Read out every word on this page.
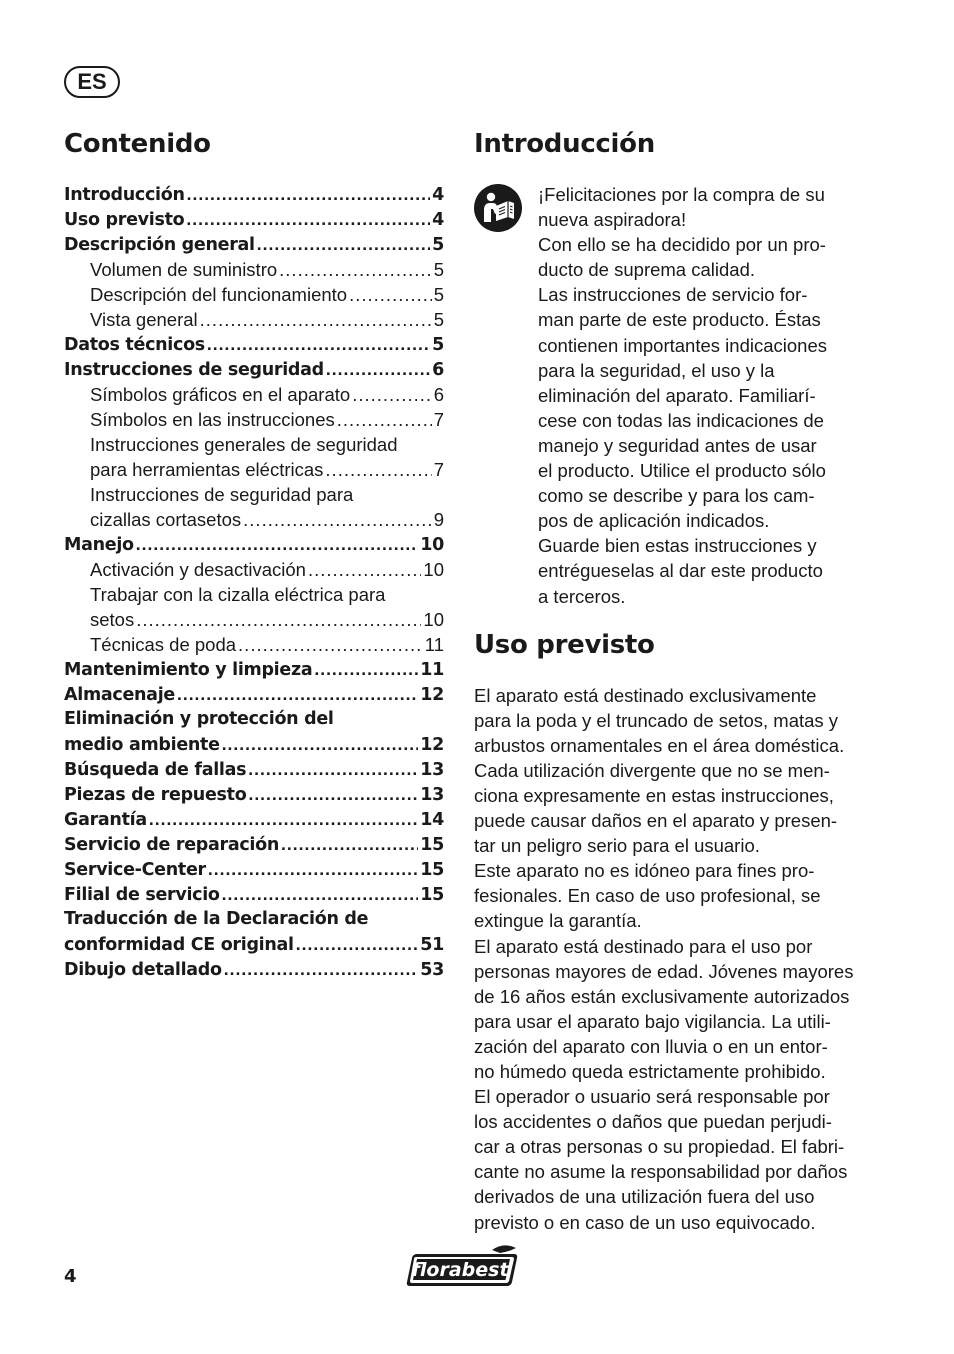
ES
Contenido
Introducción .....	4
Uso previsto .....	4
Descripción general .....	5
Volumen de suministro .....	5
Descripción del funcionamiento .....	5
Vista general .....	5
Datos técnicos .....	5
Instrucciones de seguridad .....	6
Símbolos gráficos en el aparato .....	6
Símbolos en las instrucciones .....	7
Instrucciones generales de seguridad
para herramientas eléctricas .....	7
Instrucciones de seguridad para
cizallas cortasetos .....	9
Manejo .....	10
Activación y desactivación .....	10
Trabajar con la cizalla eléctrica para
setos .....	10
Técnicas de poda .....	11
Mantenimiento y limpieza .....	11
Almacenaje .....	12
Eliminación y protección del
medio ambiente .....	12
Búsqueda de fallas .....	13
Piezas de repuesto .....	13
Garantía .....	14
Servicio de reparación .....	15
Service-Center .....	15
Filial de servicio .....	15
Traducción de la Declaración de
conformidad CE original .....	51
Dibujo detallado .....	53
Introducción

¡Felicitaciones por la compra de su
nueva aspiradora!
Con ello se ha decidido por un pro-
ducto de suprema calidad.
Las instrucciones de servicio for-
man parte de este producto. Éstas
contienen importantes indicaciones
para la seguridad, el uso y la
eliminación del aparato. Familiarí-
cese con todas las indicaciones de
manejo y seguridad antes de usar
el producto. Utilice el producto sólo
como se describe y para los cam-
pos de aplicación indicados.
Guarde bien estas instrucciones y
entrégueselas al dar este producto
a terceros.

Uso previsto

El aparato está destinado exclusivamente
para la poda y el truncado de setos, matas y
arbustos ornamentales en el área doméstica.
Cada utilización divergente que no se men-
ciona expresamente en estas instrucciones,
puede causar daños en el aparato y presen-
tar un peligro serio para el usuario.
Este aparato no es idóneo para fines pro-
fesionales. En caso de uso profesional, se
extingue la garantía.
El aparato está destinado para el uso por
personas mayores de edad. Jóvenes mayores
de 16 años están exclusivamente autorizados
para usar el aparato bajo vigilancia. La utili-
zación del aparato con lluvia o en un entor-
no húmedo queda estrictamente prohibido.
El operador o usuario será responsable por
los accidentes o daños que puedan perjudi-
car a otras personas o su propiedad. El fabri-
cante no asume la responsabilidad por daños
derivados de una utilización fuera del uso
previsto o en caso de un uso equivocado.

4	florabest
